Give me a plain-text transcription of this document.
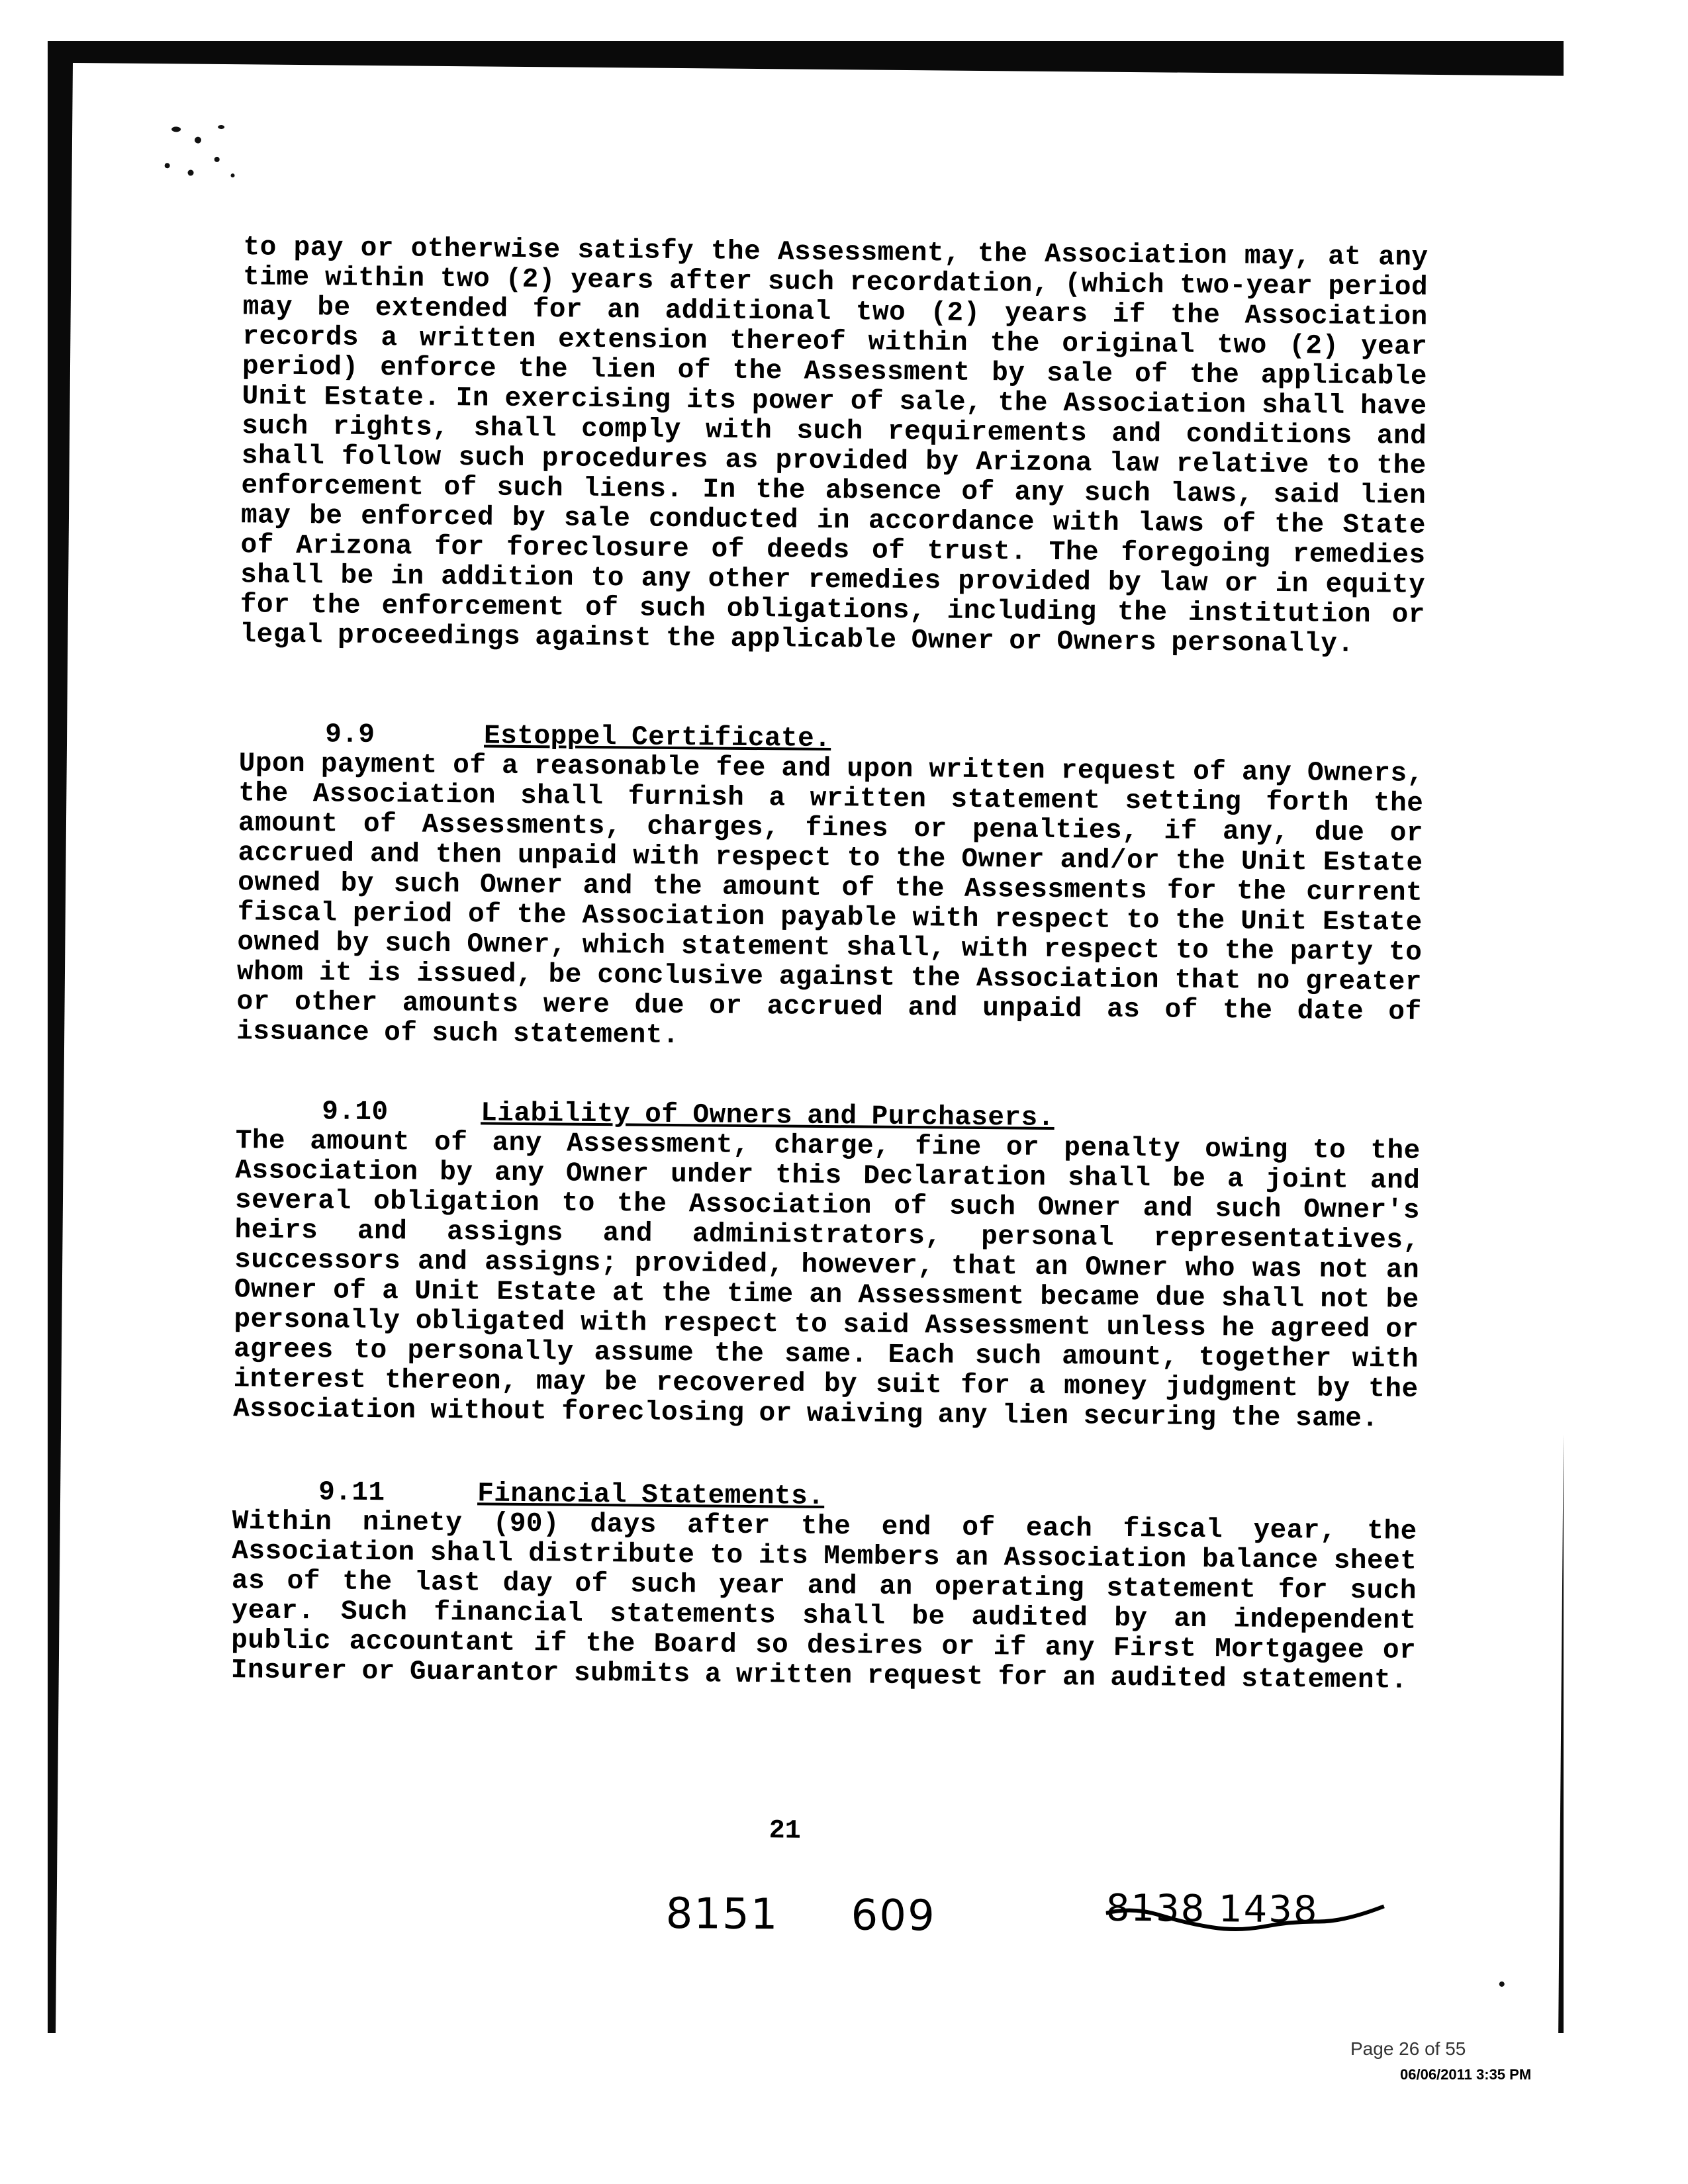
to pay or otherwise satisfy the Assessment, the Association may, at any time within two (2) years after such recordation, (which two-year period may be extended for an additional two (2) years if the Association records a written extension thereof within the original two (2) year period) enforce the lien of the Assessment by sale of the applicable Unit Estate. In exercising its power of sale, the Association shall have such rights, shall comply with such requirements and conditions and shall follow such procedures as provided by Arizona law relative to the enforcement of such liens. In the absence of any such laws, said lien may be enforced by sale conducted in accordance with laws of the State of Arizona for foreclosure of deeds of trust. The foregoing remedies shall be in addition to any other remedies provided by law or in equity for the enforcement of such obligations, including the institution or legal proceedings against the applicable Owner or Owners personally.
9.9	Estoppel Certificate.
Upon payment of a reasonable fee and upon written request of any Owners, the Association shall furnish a written statement setting forth the amount of Assessments, charges, fines or penalties, if any, due or accrued and then unpaid with respect to the Owner and/or the Unit Estate owned by such Owner and the amount of the Assessments for the current fiscal period of the Association payable with respect to the Unit Estate owned by such Owner, which statement shall, with respect to the party to whom it is issued, be conclusive against the Association that no greater or other amounts were due or accrued and unpaid as of the date of issuance of such statement.
9.10	Liability of Owners and Purchasers.
The amount of any Assessment, charge, fine or penalty owing to the Association by any Owner under this Declaration shall be a joint and several obligation to the Association of such Owner and such Owner's heirs and assigns and administrators, personal representatives, successors and assigns; provided, however, that an Owner who was not an Owner of a Unit Estate at the time an Assessment became due shall not be personally obligated with respect to said Assessment unless he agreed or agrees to personally assume the same. Each such amount, together with interest thereon, may be recovered by suit for a money judgment by the Association without foreclosing or waiving any lien securing the same.
9.11	Financial Statements.
Within ninety (90) days after the end of each fiscal year, the Association shall distribute to its Members an Association balance sheet as of the last day of such year and an operating statement for such year. Such financial statements shall be audited by an independent public accountant if the Board so desires or if any First Mortgagee or Insurer or Guarantor submits a written request for an audited statement.
21
8151 609	8138 1438
Page 26 of 55
06/06/2011 3:35 PM
